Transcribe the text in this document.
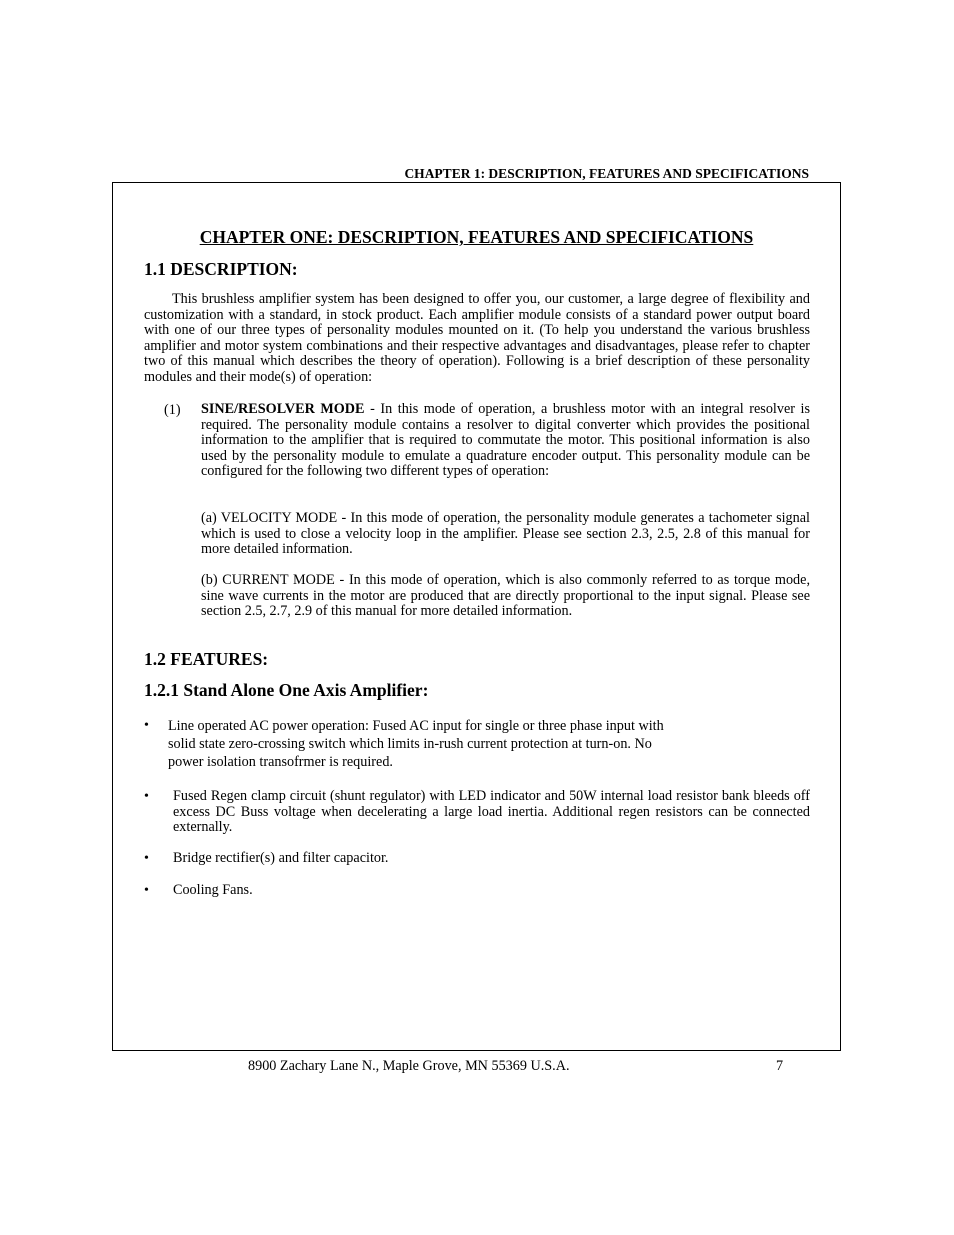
CHAPTER 1: DESCRIPTION, FEATURES AND SPECIFICATIONS
CHAPTER ONE: DESCRIPTION, FEATURES AND SPECIFICATIONS
1.1 DESCRIPTION:
This brushless amplifier system has been designed to offer you, our customer, a large degree of flexibility and customization with a standard, in stock product. Each amplifier module consists of a standard power output board with one of our three types of personality modules mounted on it. (To help you understand the various brushless amplifier and motor system combinations and their respective advantages and disadvantages, please refer to chapter two of this manual which describes the theory of operation). Following is a brief description of these personality modules and their mode(s) of operation:
(1) SINE/RESOLVER MODE - In this mode of operation, a brushless motor with an integral resolver is required. The personality module contains a resolver to digital converter which provides the positional information to the amplifier that is required to commutate the motor. This positional information is also used by the personality module to emulate a quadrature encoder output. This personality module can be configured for the following two different types of operation:
(a) VELOCITY MODE - In this mode of operation, the personality module generates a tachometer signal which is used to close a velocity loop in the amplifier. Please see section 2.3, 2.5, 2.8 of this manual for more detailed information.
(b) CURRENT MODE - In this mode of operation, which is also commonly referred to as torque mode, sine wave currents in the motor are produced that are directly proportional to the input signal. Please see section 2.5, 2.7, 2.9 of this manual for more detailed information.
1.2 FEATURES:
1.2.1 Stand Alone One Axis Amplifier:
• Line operated AC power operation: Fused AC input for single or three phase input with
solid state zero-crossing switch which limits in-rush current protection at turn-on. No
power isolation transofrmer is required.
• Fused Regen clamp circuit (shunt regulator) with LED indicator and 50W internal load resistor bank bleeds off excess DC Buss voltage when decelerating a large load inertia. Additional regen resistors can be connected externally.
• Bridge rectifier(s) and filter capacitor.
• Cooling Fans.
8900 Zachary Lane N., Maple Grove, MN 55369 U.S.A.	7
